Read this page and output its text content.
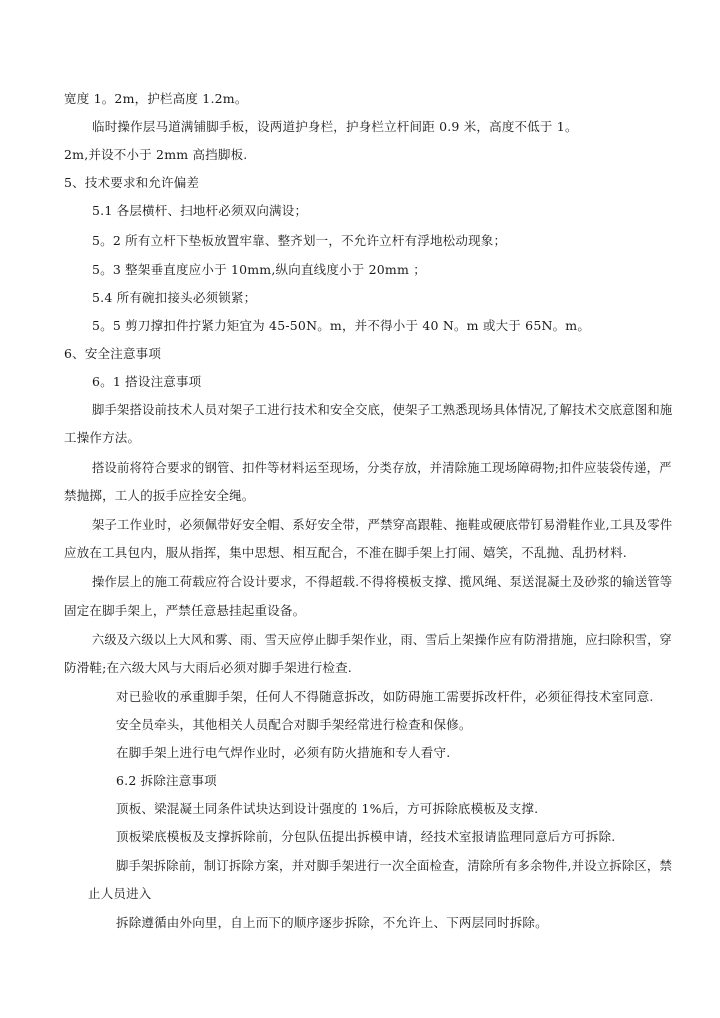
宽度 1。2m，护栏高度 1.2m。
临时操作层马道满铺脚手板，设两道护身栏，护身栏立杆间距 0.9 米，高度不低于 1。
2m,并设不小于 2mm 高挡脚板.
5、技术要求和允许偏差
5.1 各层横杆、扫地杆必须双向满设；
5。2 所有立杆下垫板放置牢靠、整齐划一，不允许立杆有浮地松动现象；
5。3 整架垂直度应小于 10mm,纵向直线度小于 20mm ；
5.4 所有碗扣接头必须锁紧；
5。5 剪刀撑扣件拧紧力矩宜为 45-50N。m，并不得小于 40 N。m 或大于 65N。m。
6、安全注意事项
6。1 搭设注意事项
脚手架搭设前技术人员对架子工进行技术和安全交底，使架子工熟悉现场具体情况,了解技术交底意图和施
工操作方法。
搭设前将符合要求的钢管、扣件等材料运至现场，分类存放，并清除施工现场障碍物;扣件应装袋传递，严
禁抛掷，工人的扳手应拴安全绳。
架子工作业时，必须佩带好安全帽、系好安全带，严禁穿高跟鞋、拖鞋或硬底带钉易滑鞋作业,工具及零件
应放在工具包内，服从指挥，集中思想、相互配合，不准在脚手架上打闹、嬉笑，不乱抛、乱扔材料.
操作层上的施工荷载应符合设计要求，不得超载.不得将模板支撑、揽风绳、泵送混凝土及砂浆的输送管等
固定在脚手架上，严禁任意悬挂起重设备。
六级及六级以上大风和雾、雨、雪天应停止脚手架作业，雨、雪后上架操作应有防滑措施，应扫除积雪，穿
防滑鞋;在六级大风与大雨后必须对脚手架进行检查.
对已验收的承重脚手架，任何人不得随意拆改，如防碍施工需要拆改杆件，必须征得技术室同意.
安全员牵头，其他相关人员配合对脚手架经常进行检查和保修。
在脚手架上进行电气焊作业时，必须有防火措施和专人看守.
6.2 拆除注意事项
顶板、梁混凝土同条件试块达到设计强度的 1%后，方可拆除底模板及支撑.
顶板梁底模板及支撑拆除前，分包队伍提出拆模申请，经技术室报请监理同意后方可拆除.
脚手架拆除前，制订拆除方案，并对脚手架进行一次全面检查，清除所有多余物件,并设立拆除区，禁
止人员进入
拆除遵循由外向里，自上而下的顺序逐步拆除，不允许上、下两层同时拆除。
